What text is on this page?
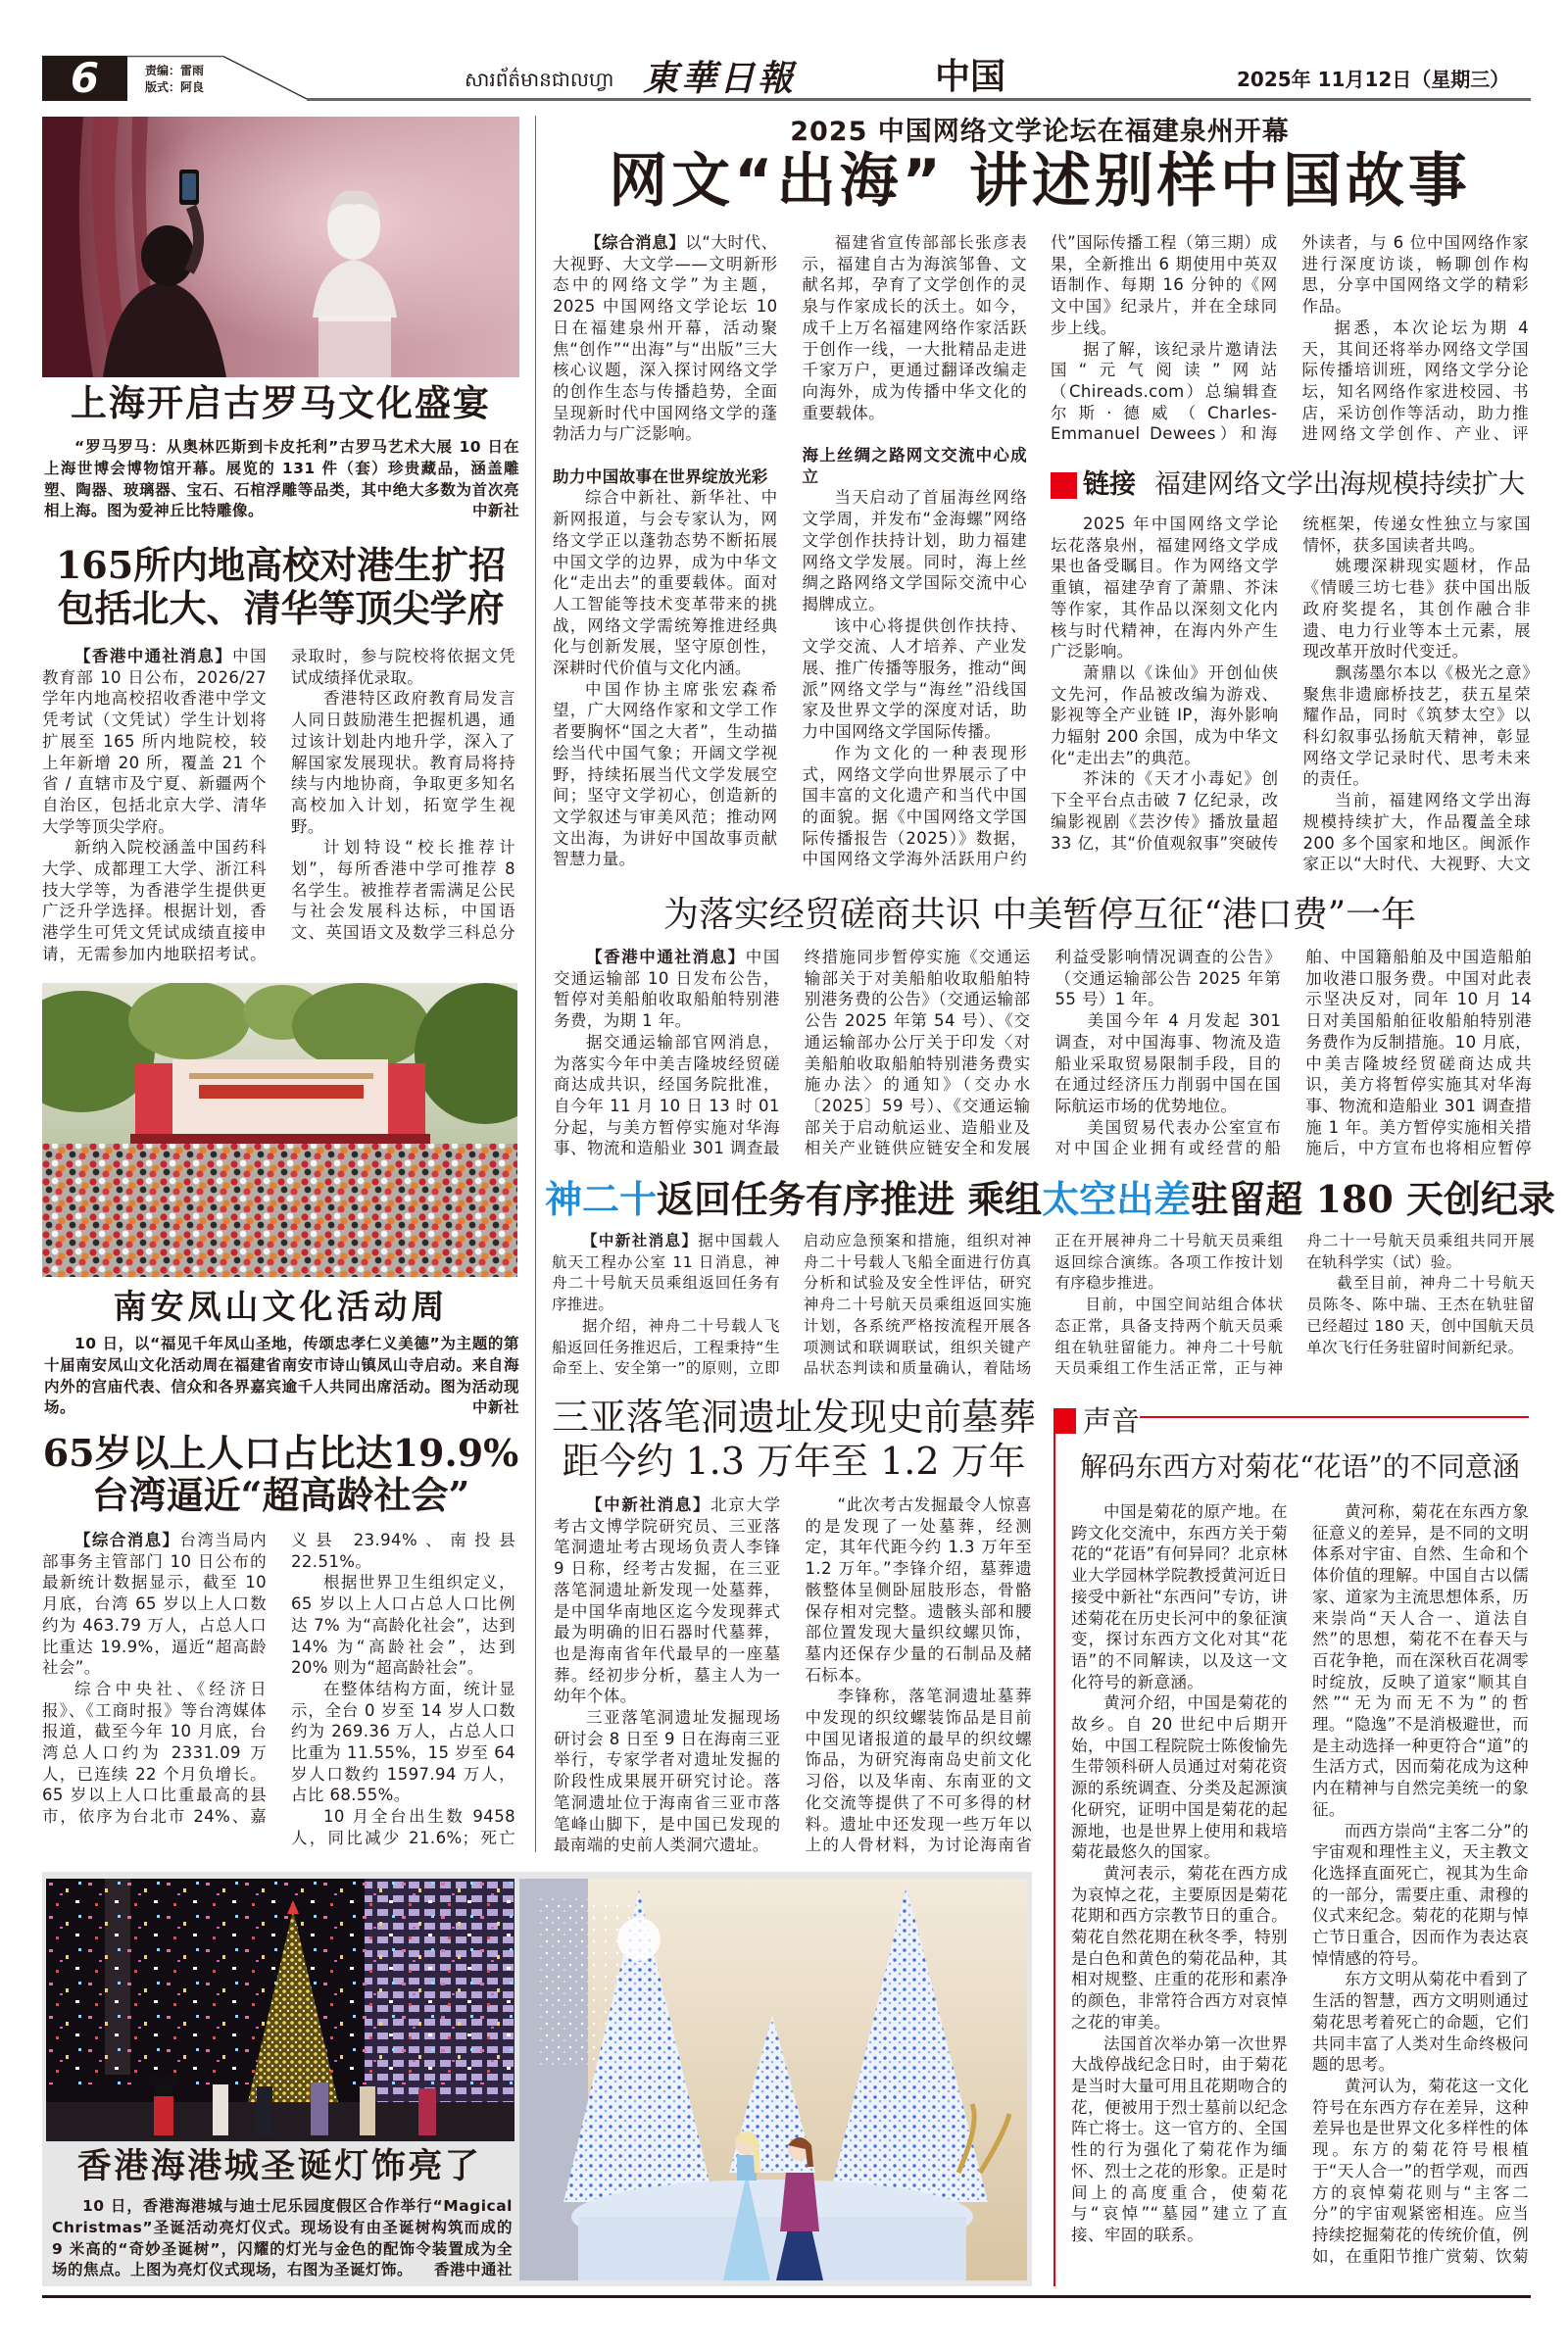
6	责编：雷雨
版式：阿良	សារព័ត៌មានជាលហ្វា 東華日報	中国	2025年 11月12日（星期三）
上海开启古罗马文化盛宴
“罗马罗马：从奥林匹斯到卡皮托利”古罗马艺术大展 10 日在上海世博会博物馆开幕。展览的 131 件（套）珍贵藏品，涵盖雕塑、陶器、玻璃器、宝石、石棺浮雕等品类，其中绝大多数为首次亮相上海。图为爱神丘比特雕像。	中新社
165所内地高校对港生扩招
包括北大、清华等顶尖学府

【香港中通社消息】中国教育部 10 日公布，2026/27 学年内地高校招收香港中学文凭考试（文凭试）学生计划将扩展至 165 所内地院校，较上年新增 20 所，覆盖 21 个省 / 直辖市及宁夏、新疆两个自治区，包括北京大学、清华大学等顶尖学府。

新纳入院校涵盖中国药科大学、成都理工大学、浙江科技大学等，为香港学生提供更广泛升学选择。根据计划，香港学生可凭文凭试成绩直接申请，无需参加内地联招考试。录取时，参与院校将依据文凭试成绩择优录取。

香港特区政府教育局发言人同日鼓励港生把握机遇，通过该计划赴内地升学，深入了解国家发展现状。教育局将持续与内地协商，争取更多知名高校加入计划，拓宽学生视野。

计划特设“校长推荐计划”，每所香港中学可推荐 8 名学生。被推荐者需满足公民与社会发展科达标，中国语文、英国语文及数学三科总分

南安凤山文化活动周
10 日，以“福见千年凤山圣地，传颂忠孝仁义美德”为主题的第十届南安凤山文化活动周在福建省南安市诗山镇凤山寺启动。来自海内外的宫庙代表、信众和各界嘉宾逾千人共同出席活动。图为活动现场。	中新社
65岁以上人口占比达19.9%
台湾逼近“超高龄社会”

【综合消息】台湾当局内部事务主管部门 10 日公布的最新统计数据显示，截至 10 月底，台湾 65 岁以上人口数约为 463.79 万人，占总人口比重达 19.9%，逼近“超高龄社会”。

综合中央社、《经济日报》、《工商时报》等台湾媒体报道，截至今年 10 月底，台湾总人口约为 2331.09 万人，已连续 22 个月负增长。65 岁以上人口比重最高的县市，依序为台北市 24%、嘉义县 23.94%、南投县 22.51%。

根据世界卫生组织定义，65 岁以上人口占总人口比例达 7% 为“高龄化社会”，达到 14% 为“高龄社会”，达到 20% 则为“超高龄社会”。

在整体结构方面，统计显示，全台 0 岁至 14 岁人口数约为 269.36 万人，占总人口比重为 11.55%，15 岁至 64 岁人口数约 1597.94 万人，占比 68.55%。

10 月全台出生数 9458 人，同比减少 21.6%；死亡

香港海港城圣诞灯饰亮了
10 日，香港海港城与迪士尼乐园度假区合作举行“Magical Christmas”圣诞活动亮灯仪式。现场设有由圣诞树构筑而成的 9 米高的“奇妙圣诞树”，闪耀的灯光与金色的配饰令装置成为全场的焦点。上图为亮灯仪式现场，右图为圣诞灯饰。 香港中通社
2025 中国网络文学论坛在福建泉州开幕
网文“出海” 讲述别样中国故事

【综合消息】以“大时代、大视野、大文学——文明新形态中的网络文学”为主题，2025 中国网络文学论坛 10 日在福建泉州开幕，活动聚焦“创作”“出海”与“出版”三大核心议题，深入探讨网络文学的创作生态与传播趋势，全面呈现新时代中国网络文学的蓬勃活力与广泛影响。

助力中国故事在世界绽放光彩

综合中新社、新华社、中新网报道，与会专家认为，网络文学正以蓬勃态势不断拓展中国文学的边界，成为中华文化“走出去”的重要载体。面对人工智能等技术变革带来的挑战，网络文学需统筹推进经典化与创新发展，坚守原创性，深耕时代价值与文化内涵。

中国作协主席张宏森希望，广大网络作家和文学工作者要胸怀“国之大者”，生动描绘当代中国气象；开阔文学视野，持续拓展当代文学发展空间；坚守文学初心，创造新的文学叙述与审美风范；推动网文出海，为讲好中国故事贡献智慧力量。

福建省宣传部部长张彦表示，福建自古为海滨邹鲁、文献名邦，孕育了文学创作的灵泉与作家成长的沃土。如今，成千上万名福建网络作家活跃于创作一线，一大批精品走进千家万户，更通过翻译改编走向海外，成为传播中华文化的重要载体。

海上丝绸之路网文交流中心成立

当天启动了首届海丝网络文学周，并发布“金海螺”网络文学创作扶持计划，助力福建网络文学发展。同时，海上丝绸之路网络文学国际交流中心揭牌成立。

该中心将提供创作扶持、文学交流、人才培养、产业发展、推广传播等服务，推动“闽派”网络文学与“海丝”沿线国家及世界文学的深度对话，助力中国网络文学国际传播。

作为文化的一种表现形式，网络文学向世界展示了中国丰富的文化遗产和当代中国的面貌。据《中国网络文学国际传播报告（2025）》数据，中国网络文学海外活跃用户约

代”国际传播工程（第三期）成果，全新推出 6 期使用中英双语制作、每期 16 分钟的《网文中国》纪录片，并在全球同步上线。

据了解，该纪录片邀请法国“元气阅读”网站（Chireads.com）总编辑查尔斯·德威（Charles-Emmanuel Dewees）和海外读者，与 6 位中国网络作家进行深度访谈，畅聊创作构思，分享中国网络文学的精彩作品。

据悉，本次论坛为期 4 天，其间还将举办网络文学国际传播培训班，网络文学分论坛，知名网络作家进校园、书店，采访创作等活动，助力推进网络文学创作、产业、评

链接 福建网络文学出海规模持续扩大

2025 年中国网络文学论坛花落泉州，福建网络文学成果也备受瞩目。作为网络文学重镇，福建孕育了萧鼎、芥沫等作家，其作品以深刻文化内核与时代精神，在海内外产生广泛影响。

萧鼎以《诛仙》开创仙侠文先河，作品被改编为游戏、影视等全产业链 IP，海外影响力辐射 200 余国，成为中华文化“走出去”的典范。

芥沫的《天才小毒妃》创下全平台点击破 7 亿纪录，改编影视剧《芸汐传》播放量超 33 亿，其“价值观叙事”突破传统框架，传递女性独立与家国情怀，获多国读者共鸣。

姚瓔深耕现实题材，作品《情暖三坊七巷》获中国出版政府奖提名，其创作融合非遗、电力行业等本土元素，展现改革开放时代变迁。

飘荡墨尔本以《极光之意》聚焦非遗廊桥技艺，获五星荣耀作品，同时《筑梦太空》以科幻叙事弘扬航天精神，彰显网络文学记录时代、思考未来的责任。

当前，福建网络文学出海规模持续扩大，作品覆盖全球 200 多个国家和地区。闽派作家正以“大时代、大视野、大文

为落实经贸磋商共识 中美暂停互征“港口费”一年

【香港中通社消息】中国交通运输部 10 日发布公告，暂停对美船舶收取船舶特别港务费，为期 1 年。

据交通运输部官网消息，为落实今年中美吉隆坡经贸磋商达成共识，经国务院批准，自今年 11 月 10 日 13 时 01 分起，与美方暂停实施对华海事、物流和造船业 301 调查最终措施同步暂停实施《交通运输部关于对美船舶收取船舶特别港务费的公告》（交通运输部公告 2025 年第 54 号）、《交通运输部办公厅关于印发〈对美船舶收取船舶特别港务费实施办法〉的通知》（交办水〔2025〕59 号）、《交通运输部关于启动航运业、造船业及相关产业链供应链安全和发展利益受影响情况调查的公告》（交通运输部公告 2025 年第 55 号）1 年。

美国今年 4 月发起 301 调查，对中国海事、物流及造船业采取贸易限制手段，目的在通过经济压力削弱中国在国际航运市场的优势地位。

美国贸易代表办公室宣布对中国企业拥有或经营的船舶、中国籍船舶及中国造船舶加收港口服务费。中国对此表示坚决反对，同年 10 月 14 日对美国船舶征收船舶特别港务费作为反制措施。10 月底，中美吉隆坡经贸磋商达成共识，美方将暂停实施其对华海事、物流和造船业 301 调查措施 1 年。美方暂停实施相关措施后，中方宣布也将相应暂停

神二十返回任务有序推进 乘组太空出差驻留超 180 天创纪录

【中新社消息】据中国载人航天工程办公室 11 日消息，神舟二十号航天员乘组返回任务有序推进。

据介绍，神舟二十号载人飞船返回任务推迟后，工程秉持“生命至上、安全第一”的原则，立即启动应急预案和措施，组织对神舟二十号载人飞船全面进行仿真分析和试验及安全性评估，研究神舟二十号航天员乘组返回实施计划，各系统严格按流程开展各项测试和联调联试，组织关键产品状态判读和质量确认，着陆场正在开展神舟二十号航天员乘组返回综合演练。各项工作按计划有序稳步推进。

目前，中国空间站组合体状态正常，具备支持两个航天员乘组在轨驻留能力。神舟二十号航天员乘组工作生活正常，正与神舟二十一号航天员乘组共同开展在轨科学实（试）验。

截至目前，神舟二十号航天员陈冬、陈中瑞、王杰在轨驻留已经超过 180 天，创中国航天员单次飞行任务驻留时间新纪录。

三亚落笔洞遗址发现史前墓葬
距今约 1.3 万年至 1.2 万年

【中新社消息】北京大学考古文博学院研究员、三亚落笔洞遗址考古现场负责人李锋 9 日称，经考古发掘，在三亚落笔洞遗址新发现一处墓葬，是中国华南地区迄今发现葬式最为明确的旧石器时代墓葬，也是海南省年代最早的一座墓葬。经初步分析，墓主人为一幼年个体。

三亚落笔洞遗址发掘现场研讨会 8 日至 9 日在海南三亚举行，专家学者对遗址发掘的阶段性成果展开研究讨论。落笔洞遗址位于海南省三亚市落笔峰山脚下，是中国已发现的最南端的史前人类洞穴遗址。

“此次考古发掘最令人惊喜的是发现了一处墓葬，经测定，其年代距今约 1.3 万年至 1.2 万年。”李锋介绍，墓葬遗骸整体呈侧卧屈肢形态，骨骼保存相对完整。遗骸头部和腰部位置发现大量织纹螺贝饰，墓内还保存少量的石制品及赭石标本。

李锋称，落笔洞遗址墓葬中发现的织纹螺装饰品是目前中国见诸报道的最早的织纹螺饰品，为研究海南岛史前文化习俗，以及华南、东南亚的文化交流等提供了不可多得的材料。遗址中还发现一些万年以上的人骨材料，为讨论海南省

声音
解码东西方对菊花“花语”的不同意涵

中国是菊花的原产地。在跨文化交流中，东西方关于菊花的“花语”有何异同？北京林业大学园林学院教授黄河近日接受中新社“东西问”专访，讲述菊花在历史长河中的象征演变，探讨东西方文化对其“花语”的不同解读，以及这一文化符号的新意涵。

黄河介绍，中国是菊花的故乡。自 20 世纪中后期开始，中国工程院院士陈俊愉先生带领科研人员通过对菊花资源的系统调查、分类及起源演化研究，证明中国是菊花的起源地，也是世界上使用和栽培菊花最悠久的国家。

黄河表示，菊花在西方成为哀悼之花，主要原因是菊花花期和西方宗教节日的重合。菊花自然花期在秋冬季，特别是白色和黄色的菊花品种，其相对规整、庄重的花形和素净的颜色，非常符合西方对哀悼之花的审美。

法国首次举办第一次世界大战停战纪念日时，由于菊花是当时大量可用且花期吻合的花，便被用于烈士墓前以纪念阵亡将士。这一官方的、全国性的行为强化了菊花作为缅怀、烈士之花的形象。正是时间上的高度重合，使菊花与“哀悼”“墓园”建立了直接、牢固的联系。

黄河称，菊花在东西方象征意义的差异，是不同的文明体系对宇宙、自然、生命和个体价值的理解。中国自古以儒家、道家为主流思想体系，历来崇尚“天人合一、道法自然”的思想，菊花不在春天与百花争艳，而在深秋百花凋零时绽放，反映了道家“顺其自然”“无为而无不为”的哲理。“隐逸”不是消极避世，而是主动选择一种更符合“道”的生活方式，因而菊花成为这种内在精神与自然完美统一的象征。

而西方崇尚“主客二分”的宇宙观和理性主义，天主教文化选择直面死亡，视其为生命的一部分，需要庄重、肃穆的仪式来纪念。菊花的花期与悼亡节日重合，因而作为表达哀悼情感的符号。

东方文明从菊花中看到了生活的智慧，西方文明则通过菊花思考着死亡的命题，它们共同丰富了人类对生命终极问题的思考。

黄河认为，菊花这一文化符号在东西方存在差异，这种差异也是世界文化多样性的体现。东方的菊花符号根植于“天人合一”的哲学观，而西方的哀悼菊花则与“主客二分”的宇宙观紧密相连。应当持续挖掘菊花的传统价值，例如，在重阳节推广赏菊、饮菊
